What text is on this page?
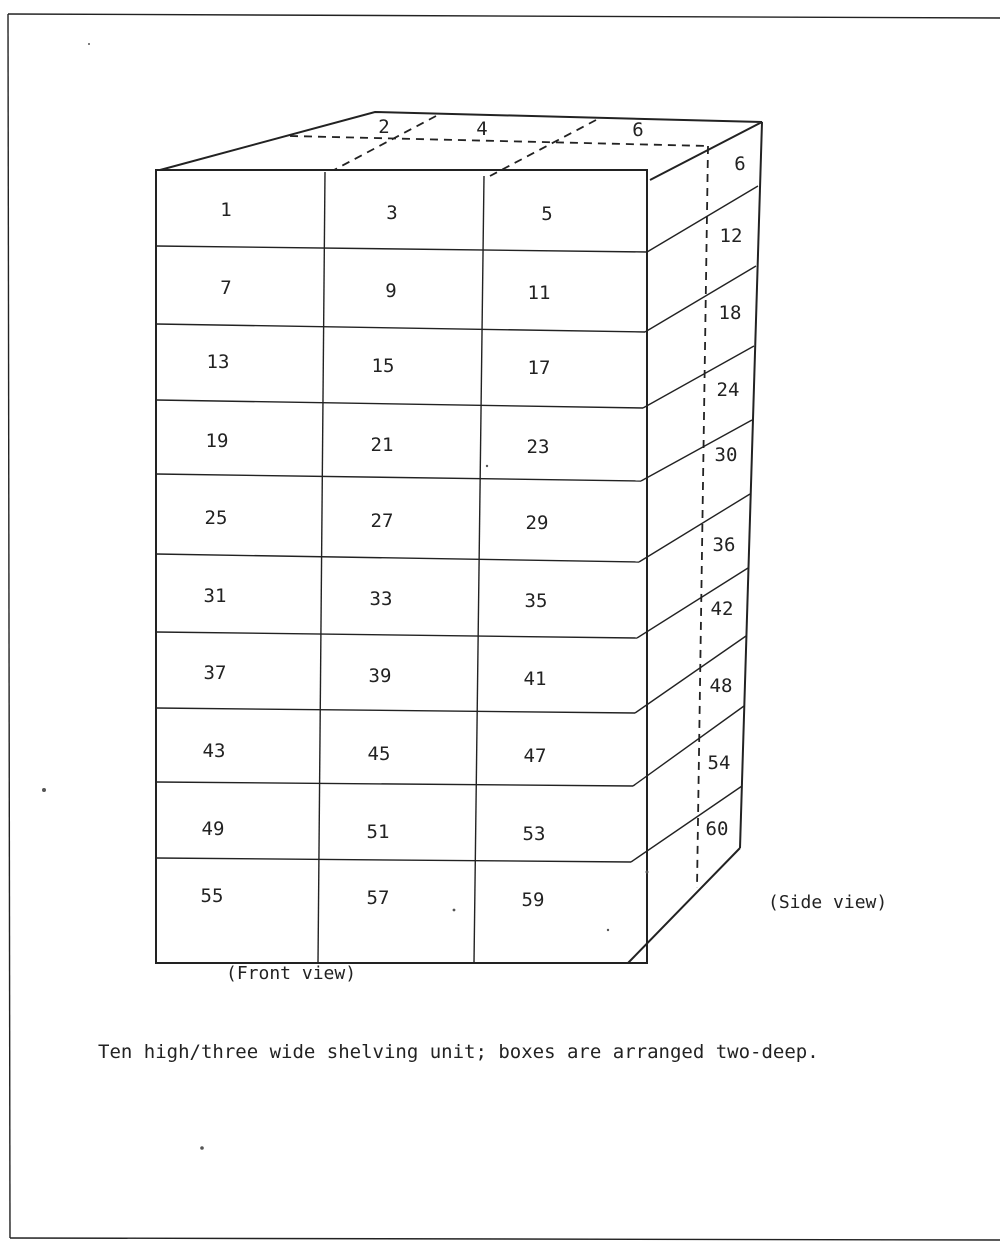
1	3	5
7	9	11
13	15	17
19	21	23
25	27	29
31	33	35
37	39	41
43	45	47
49	51	53
55	57	59
2	4	6
6
12
18
24
30
36
42
48
54
60
(Front view)
(Side view)
Ten high/three wide shelving unit; boxes are arranged two-deep.
